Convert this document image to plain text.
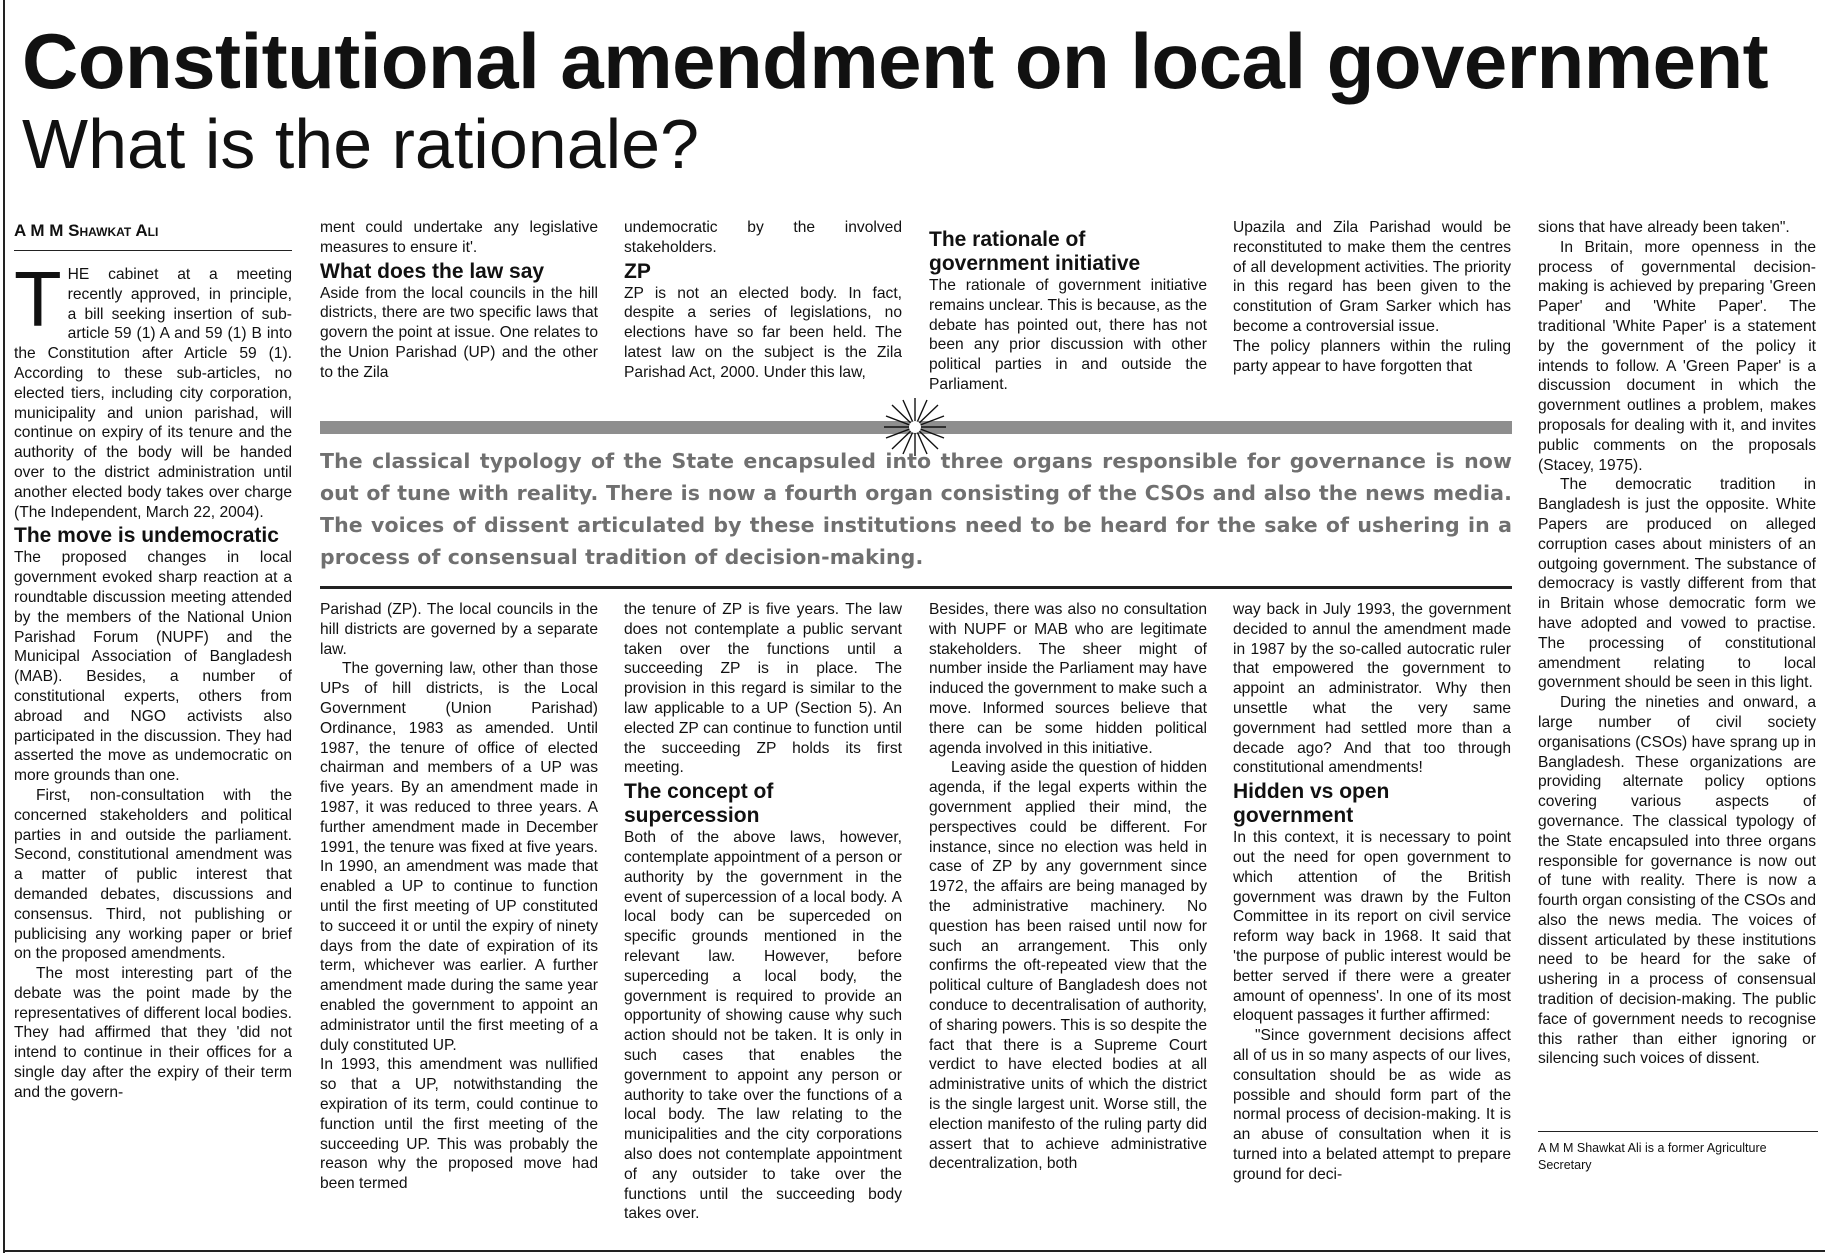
Constitutional amendment on local government
What is the rationale?
A M M Shawkat Ali
T HE cabinet at a meeting recently approved, in principle, a bill seeking insertion of sub-article 59 (1) A and 59 (1) B into the Constitution after Article 59 (1). According to these sub-articles, no elected tiers, including city corporation, municipality and union parishad, will continue on expiry of its tenure and the authority of the body will be handed over to the district administration until another elected body takes over charge (The Independent, March 22, 2004).

The move is undemocratic

The proposed changes in local government evoked sharp reaction at a roundtable discussion meeting attended by the members of the National Union Parishad Forum (NUPF) and the Municipal Association of Bangladesh (MAB). Besides, a number of constitutional experts, others from abroad and NGO activists also participated in the discussion. They had asserted the move as undemocratic on more grounds than one.

First, non-consultation with the concerned stakeholders and political parties in and outside the parliament. Second, constitutional amendment was a matter of public interest that demanded debates, discussions and consensus. Third, not publishing or publicising any working paper or brief on the proposed amendments.

The most interesting part of the debate was the point made by the representatives of different local bodies. They had affirmed that they 'did not intend to continue in their offices for a single day after the expiry of their term and the govern-

ment could undertake any legislative measures to ensure it'.

What does the law say

Aside from the local councils in the hill districts, there are two specific laws that govern the point at issue. One relates to the Union Parishad (UP) and the other to the Zila

Parishad (ZP). The local councils in the hill districts are governed by a separate law.

The governing law, other than those UPs of hill districts, is the Local Government (Union Parishad) Ordinance, 1983 as amended. Until 1987, the tenure of office of elected chairman and members of a UP was five years. By an amendment made in 1987, it was reduced to three years. A further amendment made in December 1991, the tenure was fixed at five years. In 1990, an amendment was made that enabled a UP to continue to function until the first meeting of UP constituted to succeed it or until the expiry of ninety days from the date of expiration of its term, whichever was earlier. A further amendment made during the same year enabled the government to appoint an administrator until the first meeting of a duly constituted UP.

In 1993, this amendment was nullified so that a UP, notwithstanding the expiration of its term, could continue to function until the first meeting of the succeeding UP. This was probably the reason why the proposed move had been termed

undemocratic by the involved stakeholders.

ZP

ZP is not an elected body. In fact, despite a series of legislations, no elections have so far been held. The latest law on the subject is the Zila Parishad Act, 2000. Under this law,

the tenure of ZP is five years. The law does not contemplate a public servant taken over the functions until a succeeding ZP is in place. The provision in this regard is similar to the law applicable to a UP (Section 5). An elected ZP can continue to function until the succeeding ZP holds its first meeting.

The concept of supercession

Both of the above laws, however, contemplate appointment of a person or authority by the government in the event of supercession of a local body. A local body can be superceded on specific grounds mentioned in the relevant law. However, before superceding a local body, the government is required to provide an opportunity of showing cause why such action should not be taken. It is only in such cases that enables the government to appoint any person or authority to take over the functions of a local body. The law relating to the municipalities and the city corporations also does not contemplate appointment of any outsider to take over the functions until the succeeding body takes over.

The rationale of government initiative

The rationale of government initiative remains unclear. This is because, as the debate has pointed out, there has not been any prior discussion with other political parties in and outside the Parliament.

Besides, there was also no consultation with NUPF or MAB who are legitimate stakeholders. The sheer might of number inside the Parliament may have induced the government to make such a move. Informed sources believe that there can be some hidden political agenda involved in this initiative.

Leaving aside the question of hidden agenda, if the legal experts within the government applied their mind, the perspectives could be different. For instance, since no election was held in case of ZP by any government since 1972, the affairs are being managed by the administrative machinery. No question has been raised until now for such an arrangement. This only confirms the oft-repeated view that the political culture of Bangladesh does not conduce to decentralisation of authority, of sharing powers. This is so despite the fact that there is a Supreme Court verdict to have elected bodies at all administrative units of which the district is the single largest unit. Worse still, the election manifesto of the ruling party did assert that to achieve administrative decentralization, both

Upazila and Zila Parishad would be reconstituted to make them the centres of all development activities. The priority in this regard has been given to the constitution of Gram Sarker which has become a controversial issue.

The policy planners within the ruling party appear to have forgotten that

way back in July 1993, the government decided to annul the amendment made in 1987 by the so-called autocratic ruler that empowered the government to appoint an administrator. Why then unsettle what the very same government had settled more than a decade ago? And that too through constitutional amendments!

Hidden vs open government

In this context, it is necessary to point out the need for open government to which attention of the British government was drawn by the Fulton Committee in its report on civil service reform way back in 1968. It said that 'the purpose of public interest would be better served if there were a greater amount of openness'. In one of its most eloquent passages it further affirmed:

"Since government decisions affect all of us in so many aspects of our lives, consultation should be as wide as possible and should form part of the normal process of decision-making. It is an abuse of consultation when it is turned into a belated attempt to prepare ground for deci-

sions that have already been taken".

In Britain, more openness in the process of governmental decision-making is achieved by preparing 'Green Paper' and 'White Paper'. The traditional 'White Paper' is a statement by the government of the policy it intends to follow. A 'Green Paper' is a discussion document in which the government outlines a problem, makes proposals for dealing with it, and invites public comments on the proposals (Stacey, 1975).

The democratic tradition in Bangladesh is just the opposite. White Papers are produced on alleged corruption cases about ministers of an outgoing government. The substance of democracy is vastly different from that in Britain whose democratic form we have adopted and vowed to practise. The processing of constitutional amendment relating to local government should be seen in this light.

During the nineties and onward, a large number of civil society organisations (CSOs) have sprang up in Bangladesh. These organizations are providing alternate policy options covering various aspects of governance. The classical typology of the State encapsuled into three organs responsible for governance is now out of tune with reality. There is now a fourth organ consisting of the CSOs and also the news media. The voices of dissent articulated by these institutions need to be heard for the sake of ushering in a process of consensual tradition of decision-making. The public face of government needs to recognise this rather than either ignoring or silencing such voices of dissent.

The classical typology of the State encapsuled into three organs responsible for governance is now out of tune with reality. There is now a fourth organ consisting of the CSOs and also the news media. The voices of dissent articulated by these institutions need to be heard for the sake of ushering in a process of consensual tradition of decision-making.
A M M Shawkat Ali is a former Agriculture Secretary
